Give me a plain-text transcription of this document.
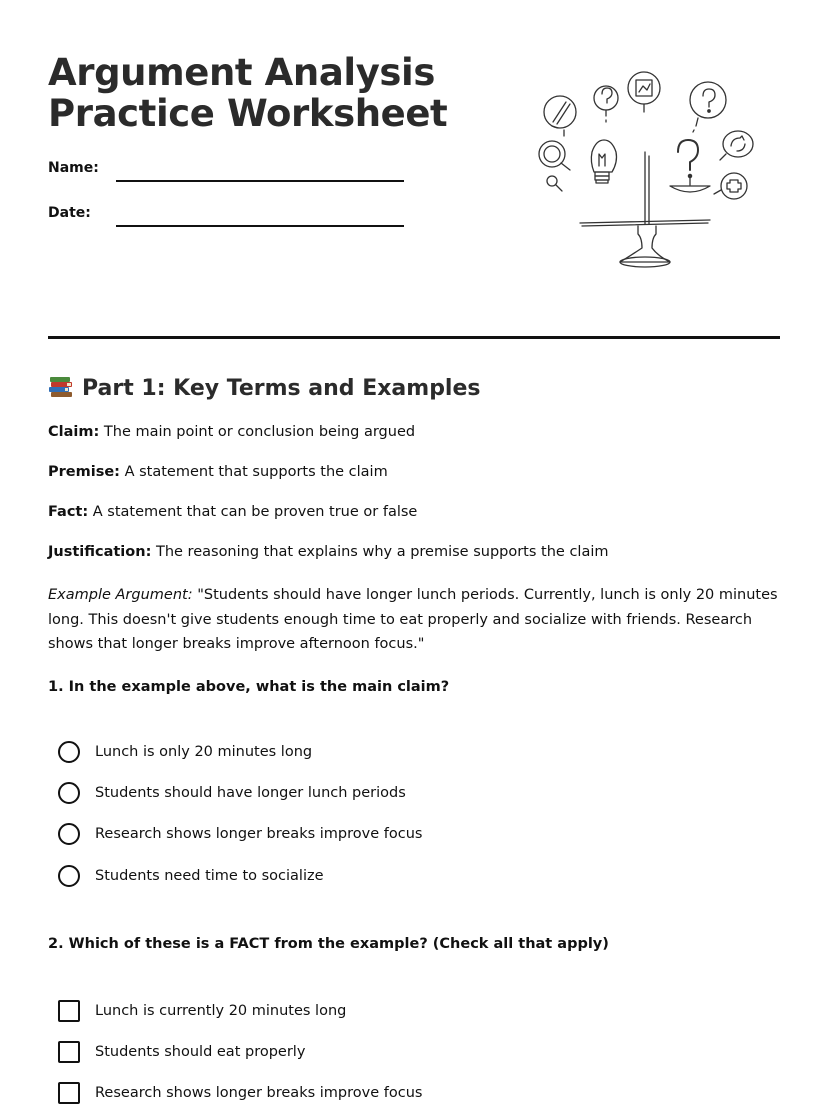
Argument Analysis
Practice Worksheet
Name:
Date:
Part 1: Key Terms and Examples
Claim: The main point or conclusion being argued
Premise: A statement that supports the claim
Fact: A statement that can be proven true or false
Justification: The reasoning that explains why a premise supports the claim
Example Argument: "Students should have longer lunch periods. Currently, lunch is only 20 minutes long. This doesn't give students enough time to eat properly and socialize with friends. Research shows that longer breaks improve afternoon focus."
1. In the example above, what is the main claim?
Lunch is only 20 minutes long
Students should have longer lunch periods
Research shows longer breaks improve focus
Students need time to socialize
2. Which of these is a FACT from the example? (Check all that apply)
Lunch is currently 20 minutes long
Students should eat properly
Research shows longer breaks improve focus
